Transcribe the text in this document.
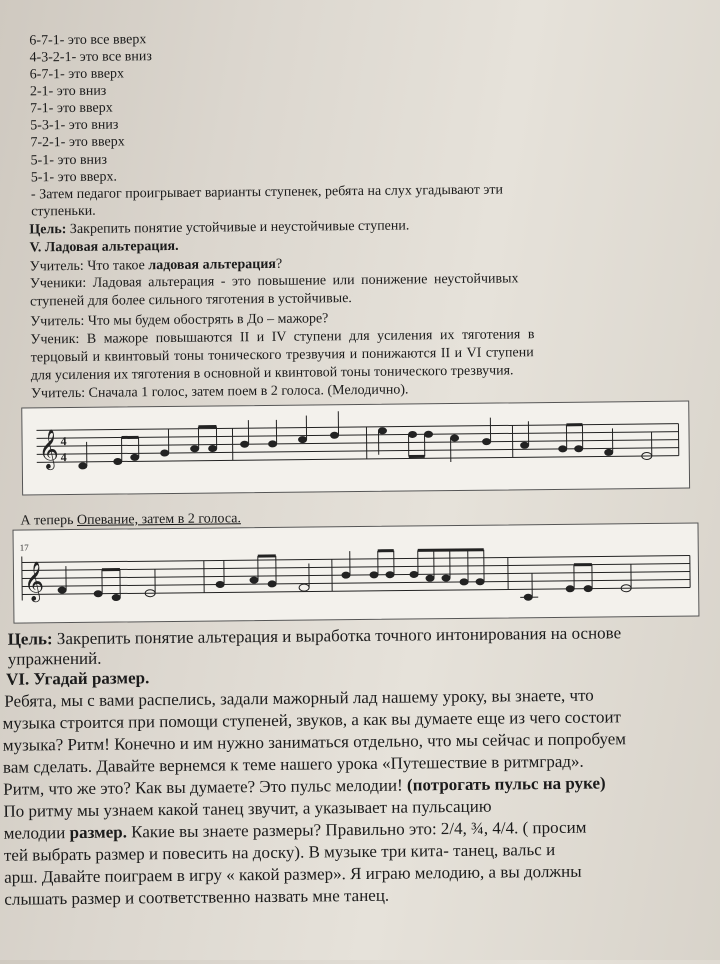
6-7-1- это все вверх
4-3-2-1- это все вниз
6-7-1- это вверх
2-1- это вниз
7-1- это вверх
5-3-1- это вниз
7-2-1- это вверх
5-1- это вниз
5-1- это вверх.
- Затем педагог проигрывает варианты ступенек, ребята на слух угадывают эти
ступеньки.
Цель: Закрепить понятие устойчивые и неустойчивые ступени.
V. Ладовая альтерация.
Учитель: Что такое ладовая альтерация?
Ученики: Ладовая альтерация - это повышение или понижение неустойчивых
ступеней для более сильного тяготения в устойчивые.
Учитель: Что мы будем обострять в До – мажоре?
Ученик: В мажоре повышаются II и IV ступени для усиления их тяготения в
терцовый и квинтовый тоны тонического трезвучия и понижаются II и VI ступени
для усиления их тяготения в основной и квинтовой тоны тонического трезвучия.
Учитель: Сначала 1 голос, затем поем в 2 голоса. (Мелодично).
𝄞 4
4
А теперь Опевание, затем в 2 голоса.
17
𝄞
Цель: Закрепить понятие альтерация и выработка точного интонирования на основе
упражнений.
VI. Угадай размер.
Ребята, мы с вами распелись, задали мажорный лад нашему уроку, вы знаете, что
музыка строится при помощи ступеней, звуков, а как вы думаете еще из чего состоит
музыка? Ритм! Конечно и им нужно заниматься отдельно, что мы сейчас и попробуем
вам сделать. Давайте вернемся к теме нашего урока «Путешествие в ритмград».
Ритм, что же это? Как вы думаете? Это пульс мелодии! (потрогать пульс на руке)
По ритму мы узнаем какой танец звучит, а указывает на пульсацию
мелодии размер. Какие вы знаете размеры? Правильно это: 2/4, ¾, 4/4. ( просим
тей выбрать размер и повесить на доску). В музыке три кита- танец, вальс и
арш. Давайте поиграем в игру « какой размер». Я играю мелодию, а вы должны
слышать размер и соответственно назвать мне танец.
